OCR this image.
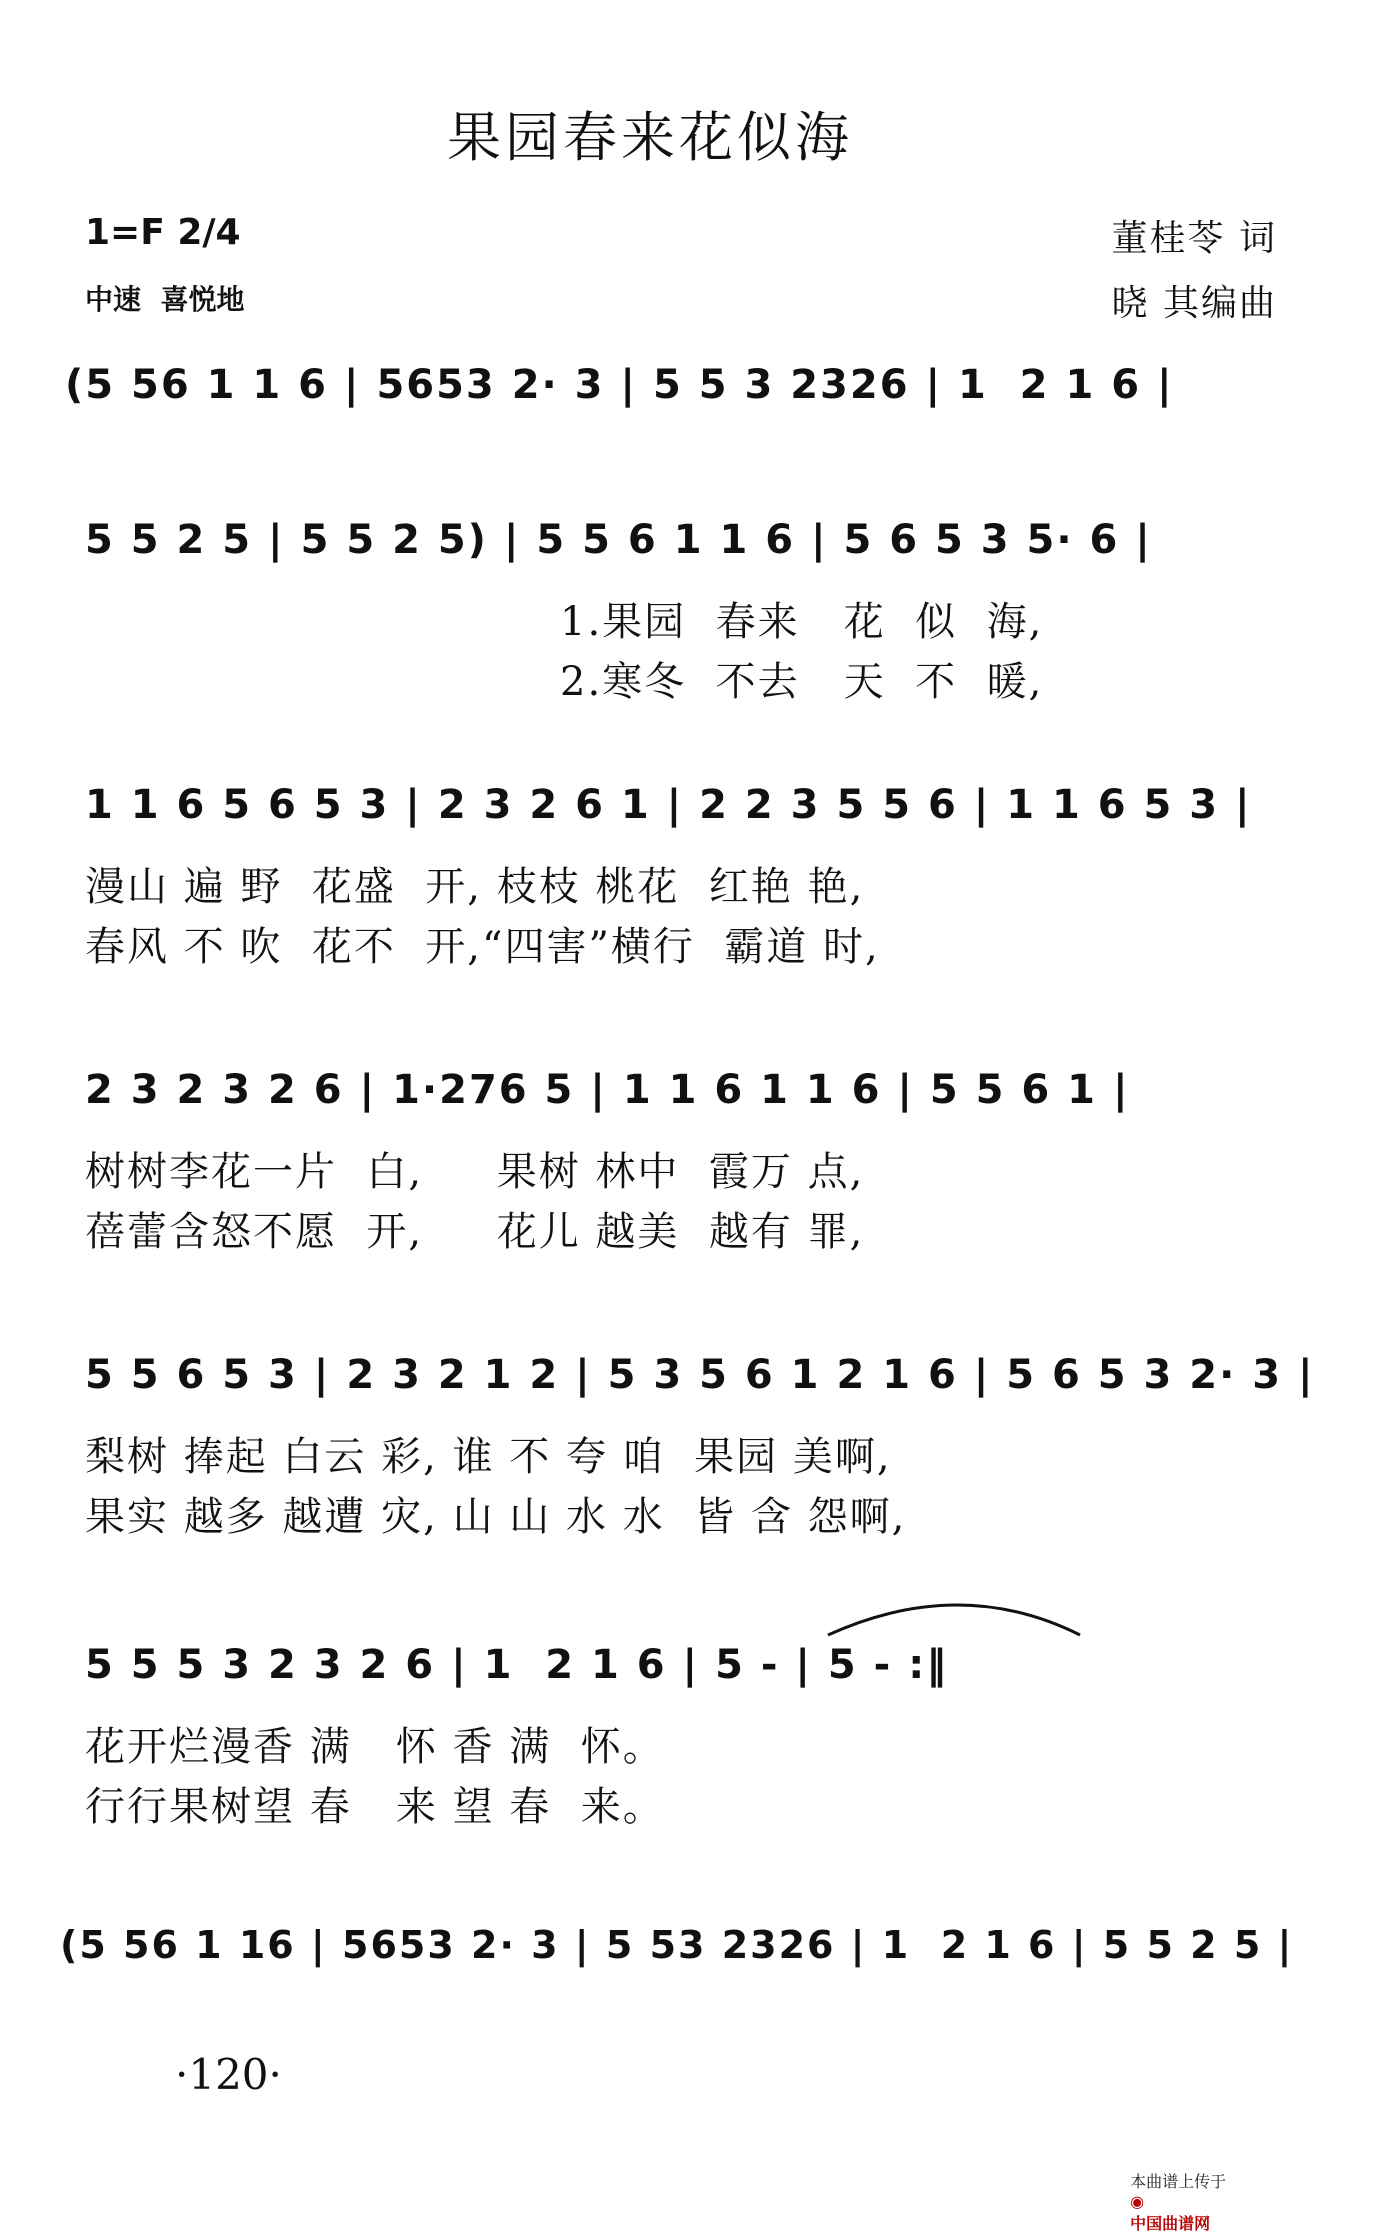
果园春来花似海
1=F 2/4
中速  喜悦地
董桂苓 词
晓 其编曲
(5 56 1 1 6 | 5653 2· 3 | 5 5 3 2326 | 1  2 1 6 |
5 5 2 5 | 5 5 2 5) | 5 5 6 1 1 6 | 5 6 5 3 5· 6 |
1.果园  春来   花  似  海,
2.寒冬  不去   天  不  暖,
1 1 6 5 6 5 3 | 2 3 2 6 1 | 2 2 3 5 5 6 | 1 1 6 5 3 |
漫山 遍 野  花盛  开, 枝枝 桃花  红艳 艳,
春风 不 吹  花不  开,“四害”横行  霸道 时,
2 3 2 3 2 6 | 1·276 5 | 1 1 6 1 1 6 | 5 5 6 1 |
树树李花一片  白,     果树 林中  霞万 点,
蓓蕾含怒不愿  开,     花儿 越美  越有 罪,
5 5 6 5 3 | 2 3 2 1 2 | 5 3 5 6 1 2 1 6 | 5 6 5 3 2· 3 |
梨树 捧起 白云 彩, 谁 不 夸 咱  果园 美啊,
果实 越多 越遭 灾, 山 山 水 水  皆 含 怨啊,
5 5 5 3 2 3 2 6 | 1  2 1 6 | 5 - | 5 - :‖
花开烂漫香 满   怀 香 满  怀。
行行果树望 春   来 望 春  来。
(5 56 1 16 | 5653 2· 3 | 5 53 2326 | 1  2 1 6 | 5 5 2 5 |
·120·

本曲谱上传于
◉
中国曲谱网
